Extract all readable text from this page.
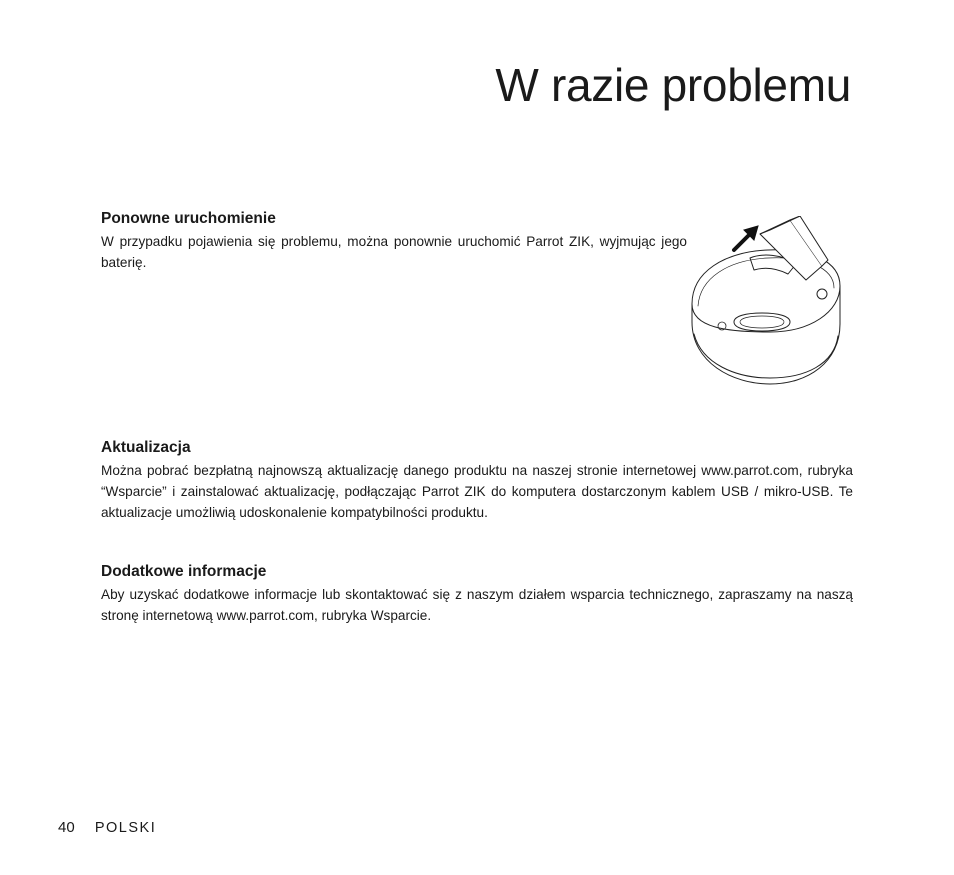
W razie problemu
Ponowne uruchomienie

W przypadku pojawienia się problemu, można ponownie uruchomić Parrot ZIK, wyjmując jego baterię.

Aktualizacja

Można pobrać bezpłatną najnowszą aktualizację danego produktu na naszej stronie internetowej www.parrot.com, rubryka “Wsparcie” i zainstalować aktualizację, podłączając Parrot ZIK do komputera dostarczonym kablem USB / mikro-USB. Te aktualizacje umożliwią udoskonalenie kompatybilności produktu.

Dodatkowe informacje

Aby uzyskać dodatkowe informacje lub skontaktować się z naszym działem wsparcia technicznego, zapraszamy na naszą stronę internetową www.parrot.com, rubryka Wsparcie.

40 POLSKI
